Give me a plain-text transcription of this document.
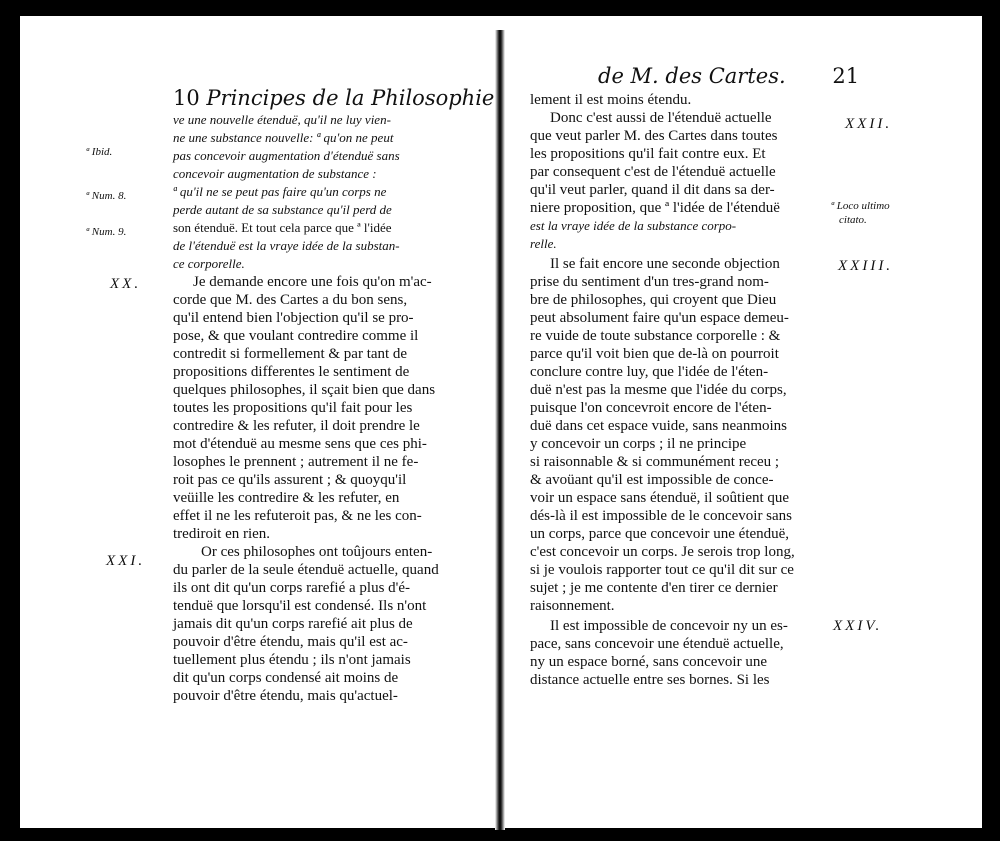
10 Principes de la Philosophie
ª Ibid.
ª Num. 8.
ª Num. 9.
XX.
XXI.
ve une nouvelle étenduë, qu'il ne luy vien-
ne une substance nouvelle: ª qu'on ne peut
pas concevoir augmentation d'étenduë sans
concevoir augmentation de substance :
ª qu'il ne se peut pas faire qu'un corps ne
perde autant de sa substance qu'il perd de
son étenduë. Et tout cela parce que ª l'idée
de l'étenduë est la vraye idée de la substan-
ce corporelle.
Je demande encore une fois qu'on m'ac-
corde que M. des Cartes a du bon sens,
qu'il entend bien l'objection qu'il se pro-
pose, & que voulant contredire comme il
contredit si formellement & par tant de
propositions differentes le sentiment de
quelques philosophes, il sçait bien que dans
toutes les propositions qu'il fait pour les
contredire & les refuter, il doit prendre le
mot d'étenduë au mesme sens que ces phi-
losophes le prennent ; autrement il ne fe-
roit pas ce qu'ils assurent ; & quoyqu'il
veüille les contredire & les refuter, en
effet il ne les refuteroit pas, & ne les con-
trediroit en rien.
Or ces philosophes ont toûjours enten-
du parler de la seule étenduë actuelle, quand
ils ont dit qu'un corps rarefié a plus d'é-
tenduë que lorsqu'il est condensé. Ils n'ont
jamais dit qu'un corps rarefié ait plus de
pouvoir d'être étendu, mais qu'il est ac-
tuellement plus étendu ; ils n'ont jamais
dit qu'un corps condensé ait moins de
pouvoir d'être étendu, mais qu'actuel-
de M. des Cartes. 21
ª Loco ultimo
citato.
XXII.
XXIII.
XXIV.
lement il est moins étendu.
Donc c'est aussi de l'étenduë actuelle
que veut parler M. des Cartes dans toutes
les propositions qu'il fait contre eux. Et
par consequent c'est de l'étenduë actuelle
qu'il veut parler, quand il dit dans sa der-
niere proposition, que ª l'idée de l'étenduë
est la vraye idée de la substance corpo-
relle.
Il se fait encore une seconde objection
prise du sentiment d'un tres-grand nom-
bre de philosophes, qui croyent que Dieu
peut absolument faire qu'un espace demeu-
re vuide de toute substance corporelle : &
parce qu'il voit bien que de-là on pourroit
conclure contre luy, que l'idée de l'éten-
duë n'est pas la mesme que l'idée du corps,
puisque l'on concevroit encore de l'éten-
duë dans cet espace vuide, sans neanmoins
y concevoir un corps ; il ne principe
si raisonnable & si communément receu ;
& avoüant qu'il est impossible de conce-
voir un espace sans étenduë, il soûtient que
dés-là il est impossible de le concevoir sans
un corps, parce que concevoir une étenduë,
c'est concevoir un corps. Je serois trop long,
si je voulois rapporter tout ce qu'il dit sur ce
sujet ; je me contente d'en tirer ce dernier
raisonnement.
Il est impossible de concevoir ny un es-
pace, sans concevoir une étenduë actuelle,
ny un espace borné, sans concevoir une
distance actuelle entre ses bornes. Si les
